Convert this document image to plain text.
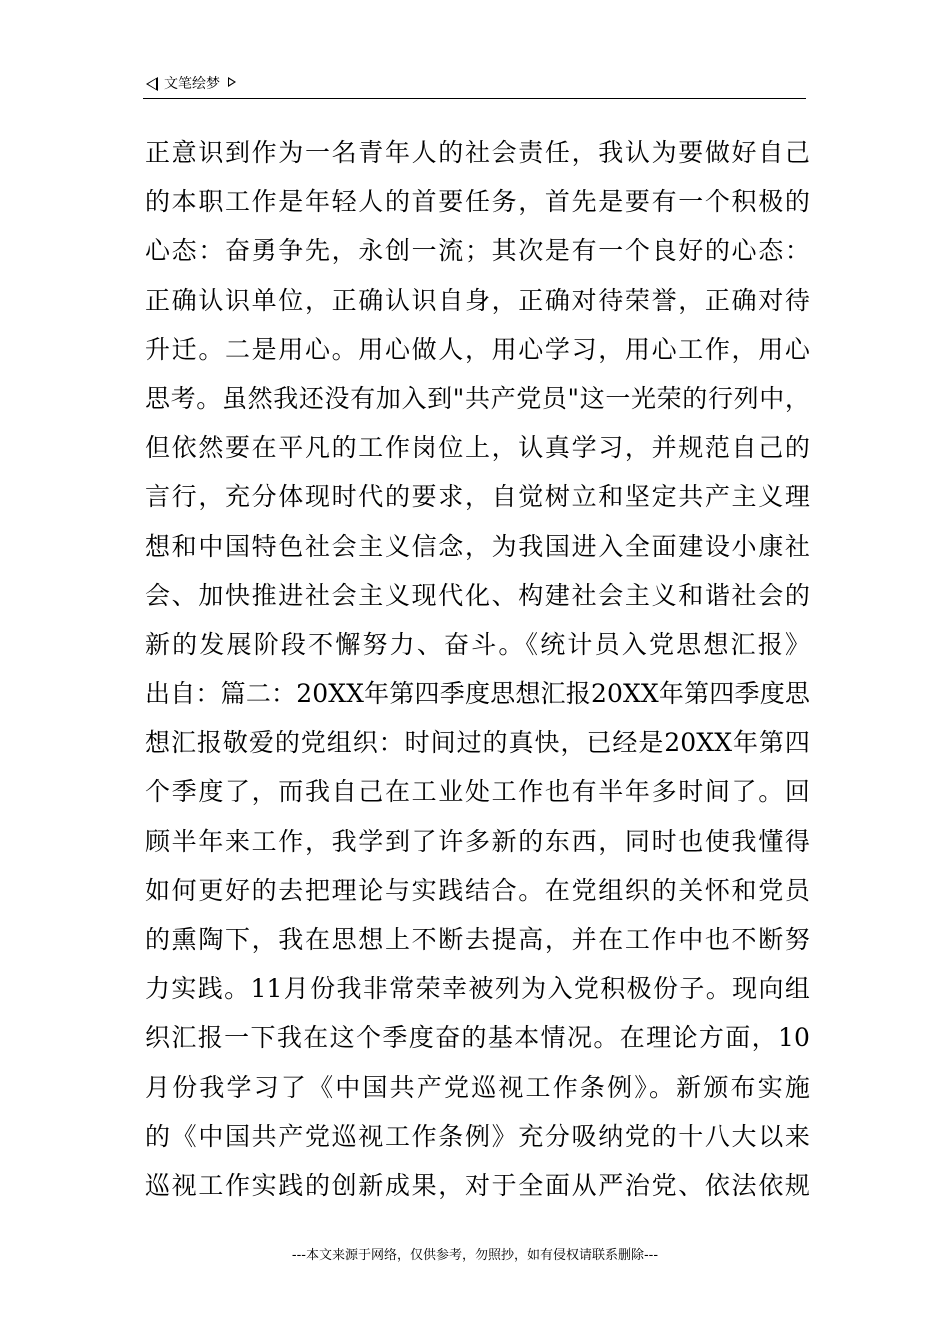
文笔绘梦
正意识到作为一名青年人的社会责任，我认为要做好自己
的本职工作是年轻人的首要任务，首先是要有一个积极的
心态：奋勇争先，永创一流；其次是有一个良好的心态：
正确认识单位，正确认识自身，正确对待荣誉，正确对待
升迁。二是用心。用心做人，用心学习，用心工作，用心
思考。虽然我还没有加入到"共产党员"这一光荣的行列中，
但依然要在平凡的工作岗位上，认真学习，并规范自己的
言行，充分体现时代的要求，自觉树立和坚定共产主义理
想和中国特色社会主义信念，为我国进入全面建设小康社
会、加快推进社会主义现代化、构建社会主义和谐社会的
新的发展阶段不懈努力、奋斗。《统计员入党思想汇报》
出自：篇二：20XX年第四季度思想汇报20XX年第四季度思
想汇报敬爱的党组织：时间过的真快，已经是20XX年第四
个季度了，而我自己在工业处工作也有半年多时间了。回
顾半年来工作，我学到了许多新的东西，同时也使我懂得
如何更好的去把理论与实践结合。在党组织的关怀和党员
的熏陶下，我在思想上不断去提高，并在工作中也不断努
力实践。11月份我非常荣幸被列为入党积极份子。现向组
织汇报一下我在这个季度奋的基本情况。在理论方面，10
月份我学习了《中国共产党巡视工作条例》。新颁布实施
的《中国共产党巡视工作条例》充分吸纳党的十八大以来
巡视工作实践的创新成果，对于全面从严治党、依法依规
---本文来源于网络，仅供参考，勿照抄，如有侵权请联系删除---
